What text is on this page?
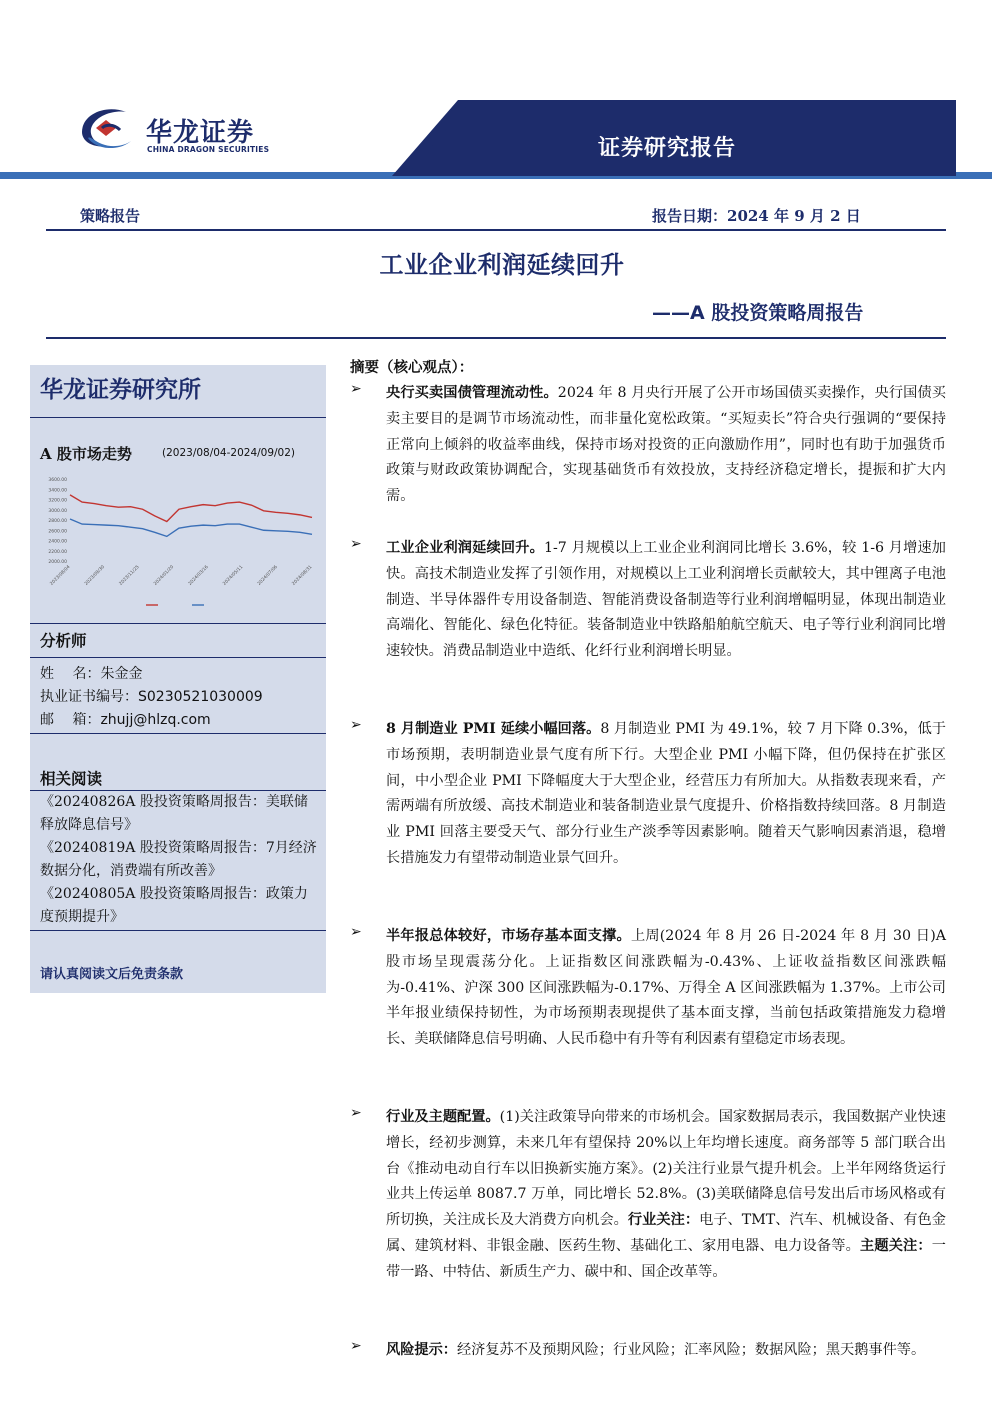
华龙证券
CHINA DRAGON SECURITIES	证券研究报告
策略报告	报告日期：2024 年 9 月 2 日
工业企业利润延续回升
——A 股投资策略周报告
华龙证券研究所
A 股市场走势	(2023/08/04-2024/09/02)
2000.00
2200.00
2400.00
2600.00
2800.00
3000.00
3200.00
3400.00
3600.00
2023/08/04	2023/09/30	2023/11/25	2024/01/20	2024/03/16	2024/05/11	2024/07/06	2024/08/31
分析师
姓　 名：朱金金
执业证书编号：S0230521030009
邮　 箱：zhujj@hlzq.com
相关阅读
《20240826A 股投资策略周报告：美联储释放降息信号》
《20240819A 股投资策略周报告：7月经济数据分化，消费端有所改善》
《20240805A 股投资策略周报告：政策力度预期提升》
请认真阅读文后免责条款
摘要（核心观点）：
➢ 央行买卖国债管理流动性。2024 年 8 月央行开展了公开市场国债买卖操作，央行国债买卖主要目的是调节市场流动性，而非量化宽松政策。“买短卖长”符合央行强调的“要保持正常向上倾斜的收益率曲线，保持市场对投资的正向激励作用”，同时也有助于加强货币政策与财政政策协调配合，实现基础货币有效投放，支持经济稳定增长，提振和扩大内需。
➢ 工业企业利润延续回升。1-7 月规模以上工业企业利润同比增长 3.6%，较 1-6 月增速加快。高技术制造业发挥了引领作用，对规模以上工业利润增长贡献较大，其中锂离子电池制造、半导体器件专用设备制造、智能消费设备制造等行业利润增幅明显，体现出制造业高端化、智能化、绿色化特征。装备制造业中铁路船舶航空航天、电子等行业利润同比增速较快。消费品制造业中造纸、化纤行业利润增长明显。
➢ 8 月制造业 PMI 延续小幅回落。8 月制造业 PMI 为 49.1%，较 7 月下降 0.3%，低于市场预期，表明制造业景气度有所下行。大型企业 PMI 小幅下降，但仍保持在扩张区间，中小型企业 PMI 下降幅度大于大型企业，经营压力有所加大。从指数表现来看，产需两端有所放缓、高技术制造业和装备制造业景气度提升、价格指数持续回落。8 月制造业 PMI 回落主要受天气、部分行业生产淡季等因素影响。随着天气影响因素消退，稳增长措施发力有望带动制造业景气回升。
➢ 半年报总体较好，市场存基本面支撑。上周(2024 年 8 月 26 日-2024 年 8 月 30 日)A 股市场呈现震荡分化。上证指数区间涨跌幅为-0.43%、上证收益指数区间涨跌幅为-0.41%、沪深 300 区间涨跌幅为-0.17%、万得全 A 区间涨跌幅为 1.37%。上市公司半年报业绩保持韧性，为市场预期表现提供了基本面支撑，当前包括政策措施发力稳增长、美联储降息信号明确、人民币稳中有升等有利因素有望稳定市场表现。
➢ 行业及主题配置。(1)关注政策导向带来的市场机会。国家数据局表示，我国数据产业快速增长，经初步测算，未来几年有望保持 20%以上年均增长速度。商务部等 5 部门联合出台《推动电动自行车以旧换新实施方案》。(2)关注行业景气提升机会。上半年网络货运行业共上传运单 8087.7 万单，同比增长 52.8%。(3)美联储降息信号发出后市场风格或有所切换，关注成长及大消费方向机会。行业关注：电子、TMT、汽车、机械设备、有色金属、建筑材料、非银金融、医药生物、基础化工、家用电器、电力设备等。主题关注：一带一路、中特估、新质生产力、碳中和、国企改革等。
➢ 风险提示：经济复苏不及预期风险；行业风险；汇率风险；数据风险；黑天鹅事件等。
